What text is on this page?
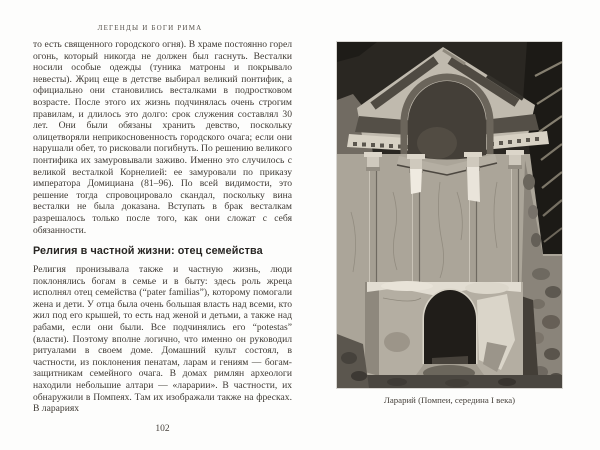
ЛЕГЕНДЫ И БОГИ РИМА

то есть священного городского огня). В храме постоянно горел огонь, который никогда не должен был гаснуть. Весталки носили особые одежды (туника матроны и покрывало невесты). Жриц еще в детстве выбирал великий понтифик, а официально они становились весталками в подростковом возрасте. После этого их жизнь подчинялась очень строгим правилам, и длилось это долго: срок служения составлял 30 лет. Они были обязаны хранить девство, поскольку олицетворяли неприкосновенность городского очага; если они нарушали обет, то рисковали погибнуть. По решению великого понтифика их замуровывали заживо. Именно это случилось с великой весталкой Корнелией: ее замуровали по приказу императора Домициана (81–96). По всей видимости, это решение тогда спровоцировало скандал, поскольку вина весталки не была доказана. Вступать в брак весталкам разрешалось только после того, как они сложат с себя обязанности.

Религия в частной жизни: отец семейства

Религия пронизывала также и частную жизнь, люди поклонялись богам в семье и в быту: здесь роль жреца исполнял отец семейства (“pater familias”), которому помогали жена и дети. У отца была очень большая власть над всеми, кто жил под его крышей, то есть над женой и детьми, а также над рабами, если они были. Все подчинялись его “potestas” (власти). Поэтому вполне логично, что именно он руководил ритуалами в своем доме. Домашний культ состоял, в частности, из поклонения пенатам, ларам и гениям — богам-защитникам семейного очага. В домах римлян археологи находили небольшие алтари — «ларарии». В частности, их обнаружили в Помпеях. Там их изображали также на фресках. В ларариях

102
Ларарий (Помпеи, середина I века)
